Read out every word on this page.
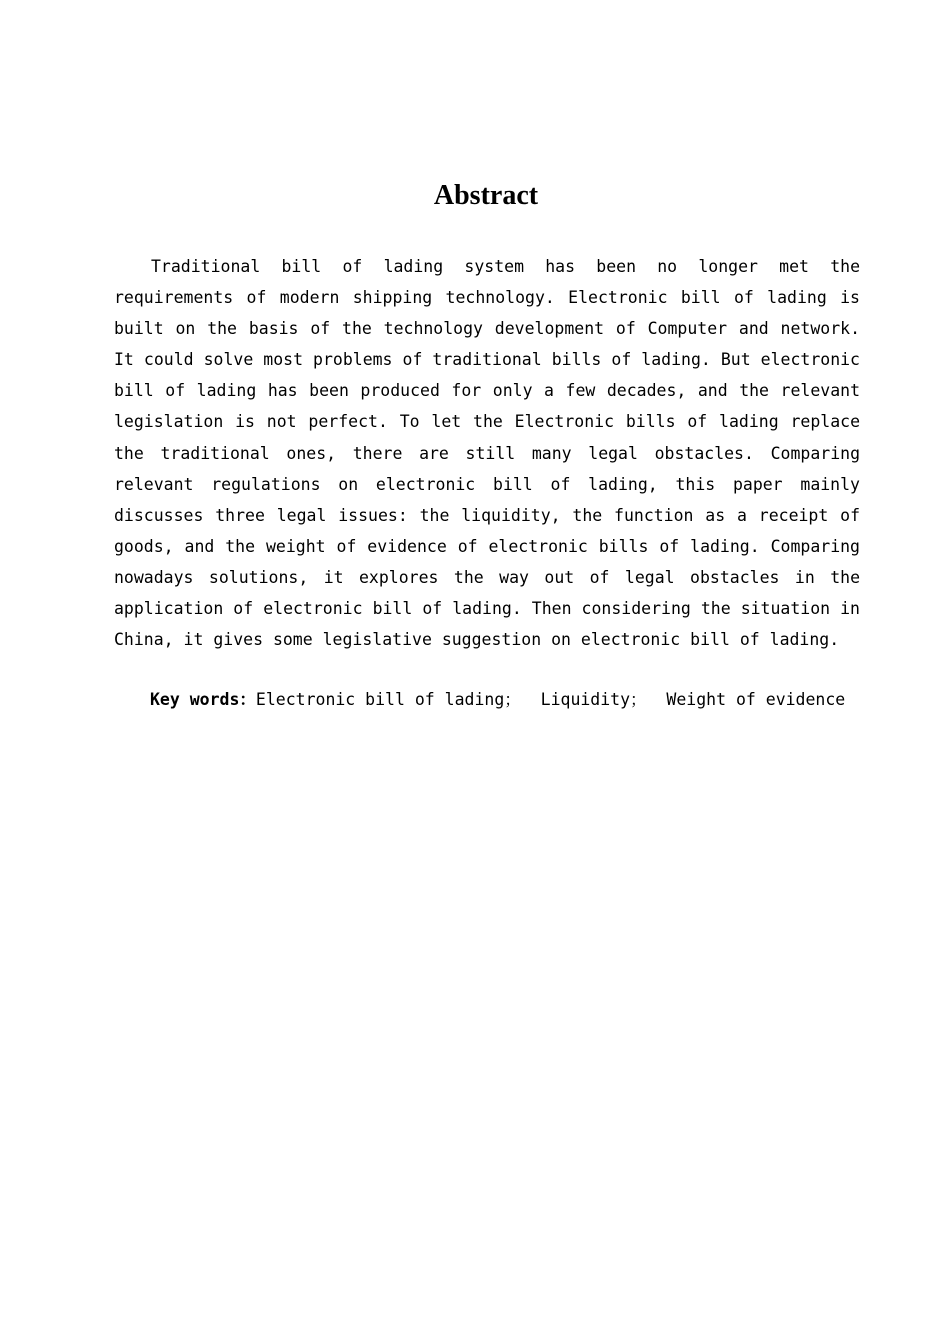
Abstract

Traditional bill of lading system has been no longer met the requirements of modern shipping technology. Electronic bill of lading is built on the basis of the technology development of Computer and network. It could solve most problems of traditional bills of lading. But electronic bill of lading has been produced for only a few decades, and the relevant legislation is not perfect. To let the Electronic bills of lading replace the traditional ones, there are still many legal obstacles. Comparing relevant regulations on electronic bill of lading, this paper mainly discusses three legal issues: the liquidity, the function as a receipt of goods, and the weight of evidence of electronic bills of lading. Comparing nowadays solutions, it explores the way out of legal obstacles in the application of electronic bill of lading. Then considering the situation in China, it gives some legislative suggestion on electronic bill of lading.

Key words：Electronic bill of lading； Liquidity； Weight of evidence
